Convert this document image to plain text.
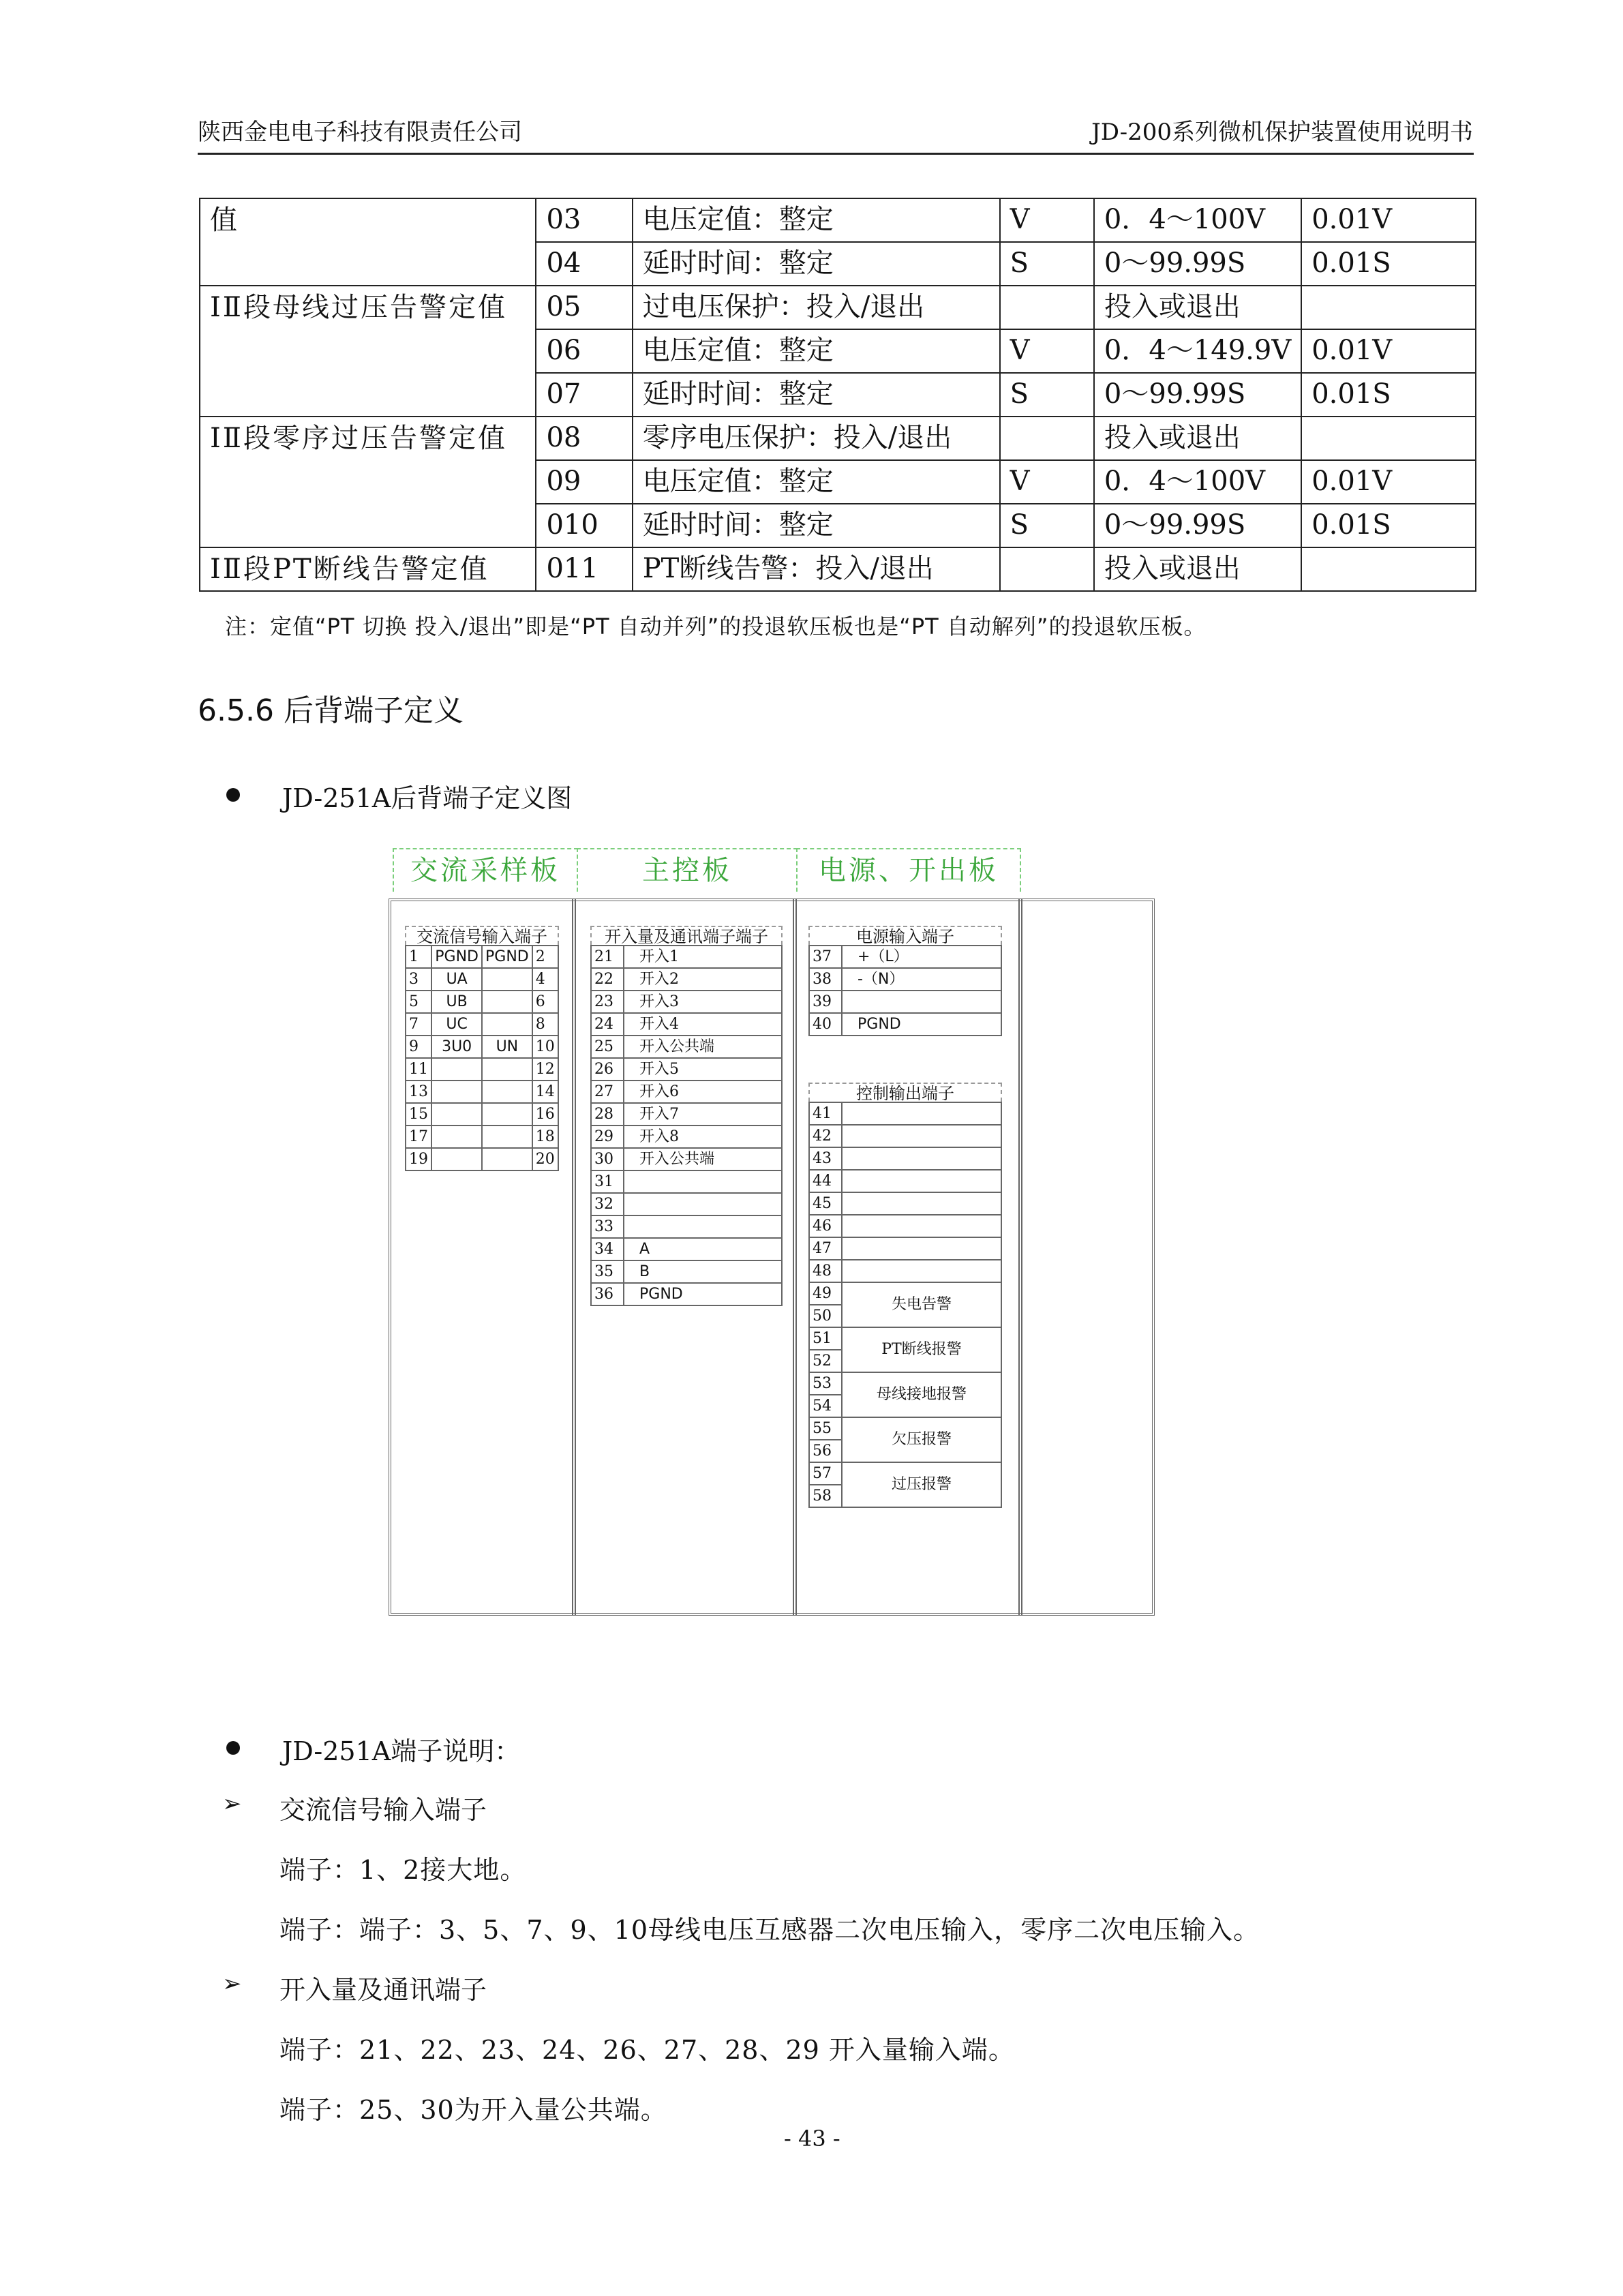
陕西金电电子科技有限责任公司	JD-200系列微机保护装置使用说明书
值	03	电压定值：整定	V	0．4～100V	0.01V
	04	延时时间：整定	S	0～99.99S	0.01S
ⅠⅡ段母线过压告警定值	05	过电压保护：投入/退出		投入或退出	
	06	电压定值：整定	V	0．4～149.9V	0.01V
	07	延时时间：整定	S	0～99.99S	0.01S
ⅠⅡ段零序过压告警定值	08	零序电压保护：投入/退出		投入或退出	
	09	电压定值：整定	V	0．4～100V	0.01V
	010	延时时间：整定	S	0～99.99S	0.01S
ⅠⅡ段PT断线告警定值	011	PT断线告警：投入/退出		投入或退出	
注：定值“PT 切换 投入/退出”即是“PT 自动并列”的投退软压板也是“PT 自动解列”的投退软压板。
6.5.6 后背端子定义
JD-251A后背端子定义图
交流采样板	主控板	电源、开出板
交流信号输入端子
1	PGND	PGND	2
3	UA		4
5	UB		6
7	UC		8
9	3U0	UN	10
11			12
13			14
15			16
17			18
19			20
开入量及通讯端子端子
21	开入1
22	开入2
23	开入3
24	开入4
25	开入公共端
26	开入5
27	开入6
28	开入7
29	开入8
30	开入公共端
31	
32	
33	
34	A
35	B
36	PGND
电源输入端子
37	+（L）
38	-（N）
39	
40	PGND
控制输出端子
41	
42	
43	
44	
45	
46	
47	
48	
49	失电告警
50	
51	PT断线报警
52	
53	母线接地报警
54	
55	欠压报警
56	
57	过压报警
58	
JD-251A端子说明：
➢ 交流信号输入端子
端子：1、2接大地。
端子：端子：3、5、7、9、10母线电压互感器二次电压输入，零序二次电压输入。
➢ 开入量及通讯端子
端子：21、22、23、24、26、27、28、29 开入量输入端。
端子：25、30为开入量公共端。
- 43 -
